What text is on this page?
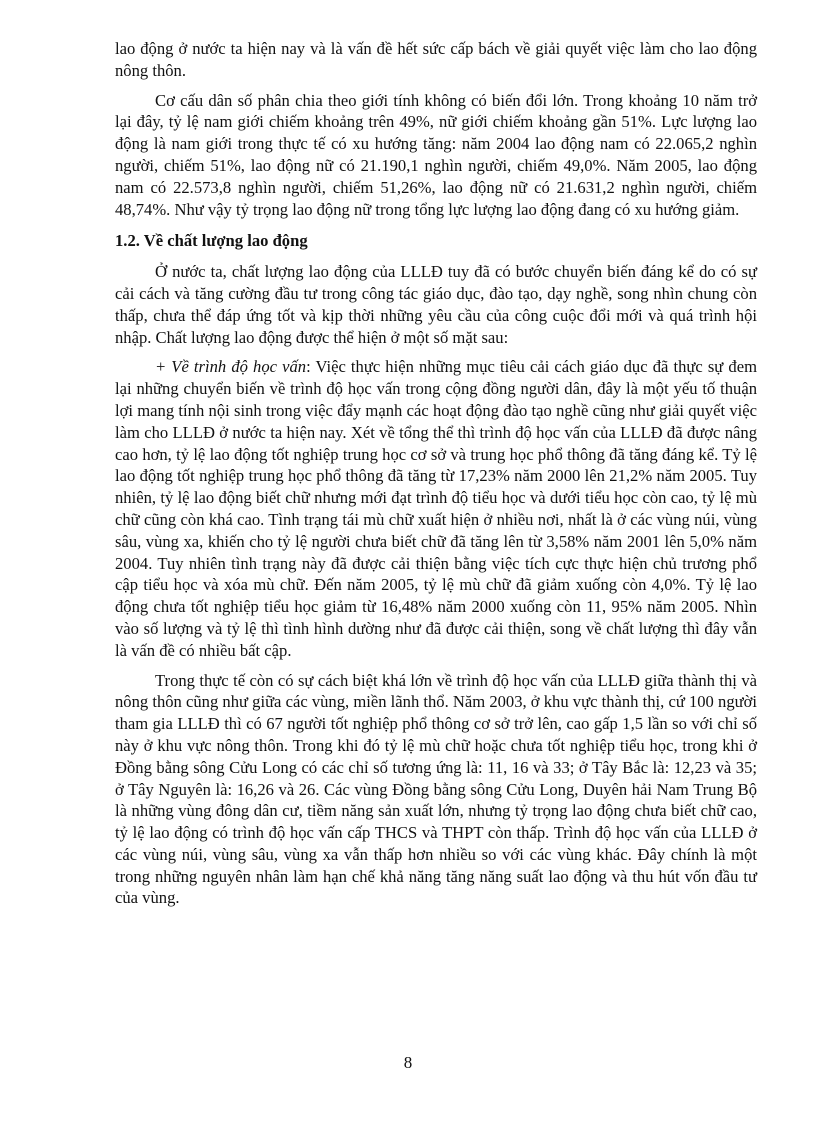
lao động ở nước ta hiện nay và là vấn đề hết sức cấp bách về giải quyết việc làm cho lao động nông thôn.

Cơ cấu dân số phân chia theo giới tính không có biến đổi lớn. Trong khoảng 10 năm trở lại đây, tỷ lệ nam giới chiếm khoảng trên 49%, nữ giới chiếm khoảng gần 51%. Lực lượng lao động là nam giới trong thực tế có xu hướng tăng: năm 2004 lao động nam có 22.065,2 nghìn người, chiếm 51%, lao động nữ có 21.190,1 nghìn người, chiếm 49,0%. Năm 2005, lao động nam có 22.573,8 nghìn người, chiếm 51,26%, lao động nữ có 21.631,2 nghìn người, chiếm 48,74%. Như vậy tỷ trọng lao động nữ trong tổng lực lượng lao động đang có xu hướng giảm.

1.2. Về chất lượng lao động

Ở nước ta, chất lượng lao động của LLLĐ tuy đã có bước chuyển biến đáng kể do có sự cải cách và tăng cường đầu tư trong công tác giáo dục, đào tạo, dạy nghề, song nhìn chung còn thấp, chưa thể đáp ứng tốt và kịp thời những yêu cầu của công cuộc đổi mới và quá trình hội nhập. Chất lượng lao động được thể hiện ở một số mặt sau:

+ Về trình độ học vấn: Việc thực hiện những mục tiêu cải cách giáo dục đã thực sự đem lại những chuyển biến về trình độ học vấn trong cộng đồng người dân, đây là một yếu tố thuận lợi mang tính nội sinh trong việc đẩy mạnh các hoạt động đào tạo nghề cũng như giải quyết việc làm cho LLLĐ ở nước ta hiện nay. Xét về tổng thể thì trình độ học vấn của LLLĐ đã được nâng cao hơn, tỷ lệ lao động tốt nghiệp trung học cơ sở và trung học phổ thông đã tăng đáng kể. Tỷ lệ lao động tốt nghiệp trung học phổ thông đã tăng từ 17,23% năm 2000 lên 21,2% năm 2005. Tuy nhiên, tỷ lệ lao động biết chữ nhưng mới đạt trình độ tiểu học và dưới tiểu học còn cao, tỷ lệ mù chữ cũng còn khá cao. Tình trạng tái mù chữ xuất hiện ở nhiều nơi, nhất là ở các vùng núi, vùng sâu, vùng xa, khiến cho tỷ lệ người chưa biết chữ đã tăng lên từ 3,58% năm 2001 lên 5,0% năm 2004. Tuy nhiên tình trạng này đã được cải thiện bằng việc tích cực thực hiện chủ trương phổ cập tiểu học và xóa mù chữ. Đến năm 2005, tỷ lệ mù chữ đã giảm xuống còn 4,0%. Tỷ lệ lao động chưa tốt nghiệp tiểu học giảm từ 16,48% năm 2000 xuống còn 11, 95% năm 2005. Nhìn vào số lượng và tỷ lệ thì tình hình dường như đã được cải thiện, song về chất lượng thì đây vẫn là vấn đề có nhiều bất cập.

Trong thực tế còn có sự cách biệt khá lớn về trình độ học vấn của LLLĐ giữa thành thị và nông thôn cũng như giữa các vùng, miền lãnh thổ. Năm 2003, ở khu vực thành thị, cứ 100 người tham gia LLLĐ thì có 67 người tốt nghiệp phổ thông cơ sở trở lên, cao gấp 1,5 lần so với chỉ số này ở khu vực nông thôn. Trong khi đó tỷ lệ mù chữ hoặc chưa tốt nghiệp tiểu học, trong khi ở Đồng bằng sông Cửu Long có các chỉ số tương ứng là: 11, 16 và 33; ở Tây Bắc là: 12,23 và 35; ở Tây Nguyên là: 16,26 và 26. Các vùng Đồng bằng sông Cửu Long, Duyên hải Nam Trung Bộ là những vùng đông dân cư, tiềm năng sản xuất lớn, nhưng tỷ trọng lao động chưa biết chữ cao, tỷ lệ lao động có trình độ học vấn cấp THCS và THPT còn thấp. Trình độ học vấn của LLLĐ ở các vùng núi, vùng sâu, vùng xa vẫn thấp hơn nhiều so với các vùng khác. Đây chính là một trong những nguyên nhân làm hạn chế khả năng tăng năng suất lao động và thu hút vốn đầu tư của vùng.

8
